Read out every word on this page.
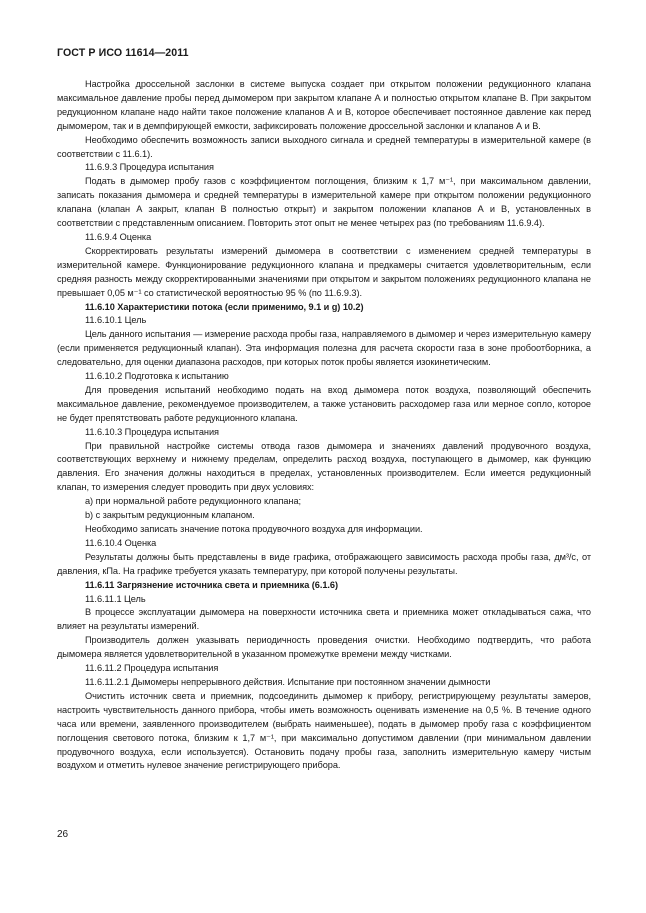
ГОСТ Р ИСО 11614—2011

Настройка дроссельной заслонки в системе выпуска создает при открытом положении редукционного клапана максимальное давление пробы перед дымомером при закрытом клапане А и полностью открытом клапане В. При закрытом редукционном клапане надо найти такое положение клапанов А и В, которое обеспечивает постоянное давление как перед дымомером, так и в демпфирующей емкости, зафиксировать положение дроссельной заслонки и клапанов А и В.

Необходимо обеспечить возможность записи выходного сигнала и средней температуры в измерительной камере (в соответствии с 11.6.1).

11.6.9.3 Процедура испытания

Подать в дымомер пробу газов с коэффициентом поглощения, близким к 1,7 м⁻¹, при максимальном давлении, записать показания дымомера и средней температуры в измерительной камере при открытом положении редукционного клапана (клапан А закрыт, клапан В полностью открыт) и закрытом положении клапанов А и В, установленных в соответствии с представленным описанием. Повторить этот опыт не менее четырех раз (по требованиям 11.6.9.4).

11.6.9.4 Оценка

Скорректировать результаты измерений дымомера в соответствии с изменением средней температуры в измерительной камере. Функционирование редукционного клапана и предкамеры считается удовлетворительным, если средняя разность между скорректированными значениями при открытом и закрытом положениях редукционного клапана не превышает 0,05 м⁻¹ со статистической вероятностью 95 % (по 11.6.9.3).

11.6.10 Характеристики потока (если применимо, 9.1 и g) 10.2)

11.6.10.1 Цель

Цель данного испытания — измерение расхода пробы газа, направляемого в дымомер и через измерительную камеру (если применяется редукционный клапан). Эта информация полезна для расчета скорости газа в зоне пробоотборника, а следовательно, для оценки диапазона расходов, при которых поток пробы является изокинетическим.

11.6.10.2 Подготовка к испытанию

Для проведения испытаний необходимо подать на вход дымомера поток воздуха, позволяющий обеспечить максимальное давление, рекомендуемое производителем, а также установить расходомер газа или мерное сопло, которое не будет препятствовать работе редукционного клапана.

11.6.10.3 Процедура испытания

При правильной настройке системы отвода газов дымомера и значениях давлений продувочного воздуха, соответствующих верхнему и нижнему пределам, определить расход воздуха, поступающего в дымомер, как функцию давления. Его значения должны находиться в пределах, установленных производителем. Если имеется редукционный клапан, то измерения следует проводить при двух условиях:

а) при нормальной работе редукционного клапана;

b) с закрытым редукционным клапаном.

Необходимо записать значение потока продувочного воздуха для информации.

11.6.10.4 Оценка

Результаты должны быть представлены в виде графика, отображающего зависимость расхода пробы газа, дм³/с, от давления, кПа. На графике требуется указать температуру, при которой получены результаты.

11.6.11 Загрязнение источника света и приемника (6.1.6)

11.6.11.1 Цель

В процессе эксплуатации дымомера на поверхности источника света и приемника может откладываться сажа, что влияет на результаты измерений.

Производитель должен указывать периодичность проведения очистки. Необходимо подтвердить, что работа дымомера является удовлетворительной в указанном промежутке времени между чистками.

11.6.11.2 Процедура испытания

11.6.11.2.1 Дымомеры непрерывного действия. Испытание при постоянном значении дымности

Очистить источник света и приемник, подсоединить дымомер к прибору, регистрирующему результаты замеров, настроить чувствительность данного прибора, чтобы иметь возможность оценивать изменение на 0,5 %. В течение одного часа или времени, заявленного производителем (выбрать наименьшее), подать в дымомер пробу газа с коэффициентом поглощения светового потока, близким к 1,7 м⁻¹, при максимально допустимом давлении (при минимальном давлении продувочного воздуха, если используется). Остановить подачу пробы газа, заполнить измерительную камеру чистым воздухом и отметить нулевое значение регистрирующего прибора.

26
